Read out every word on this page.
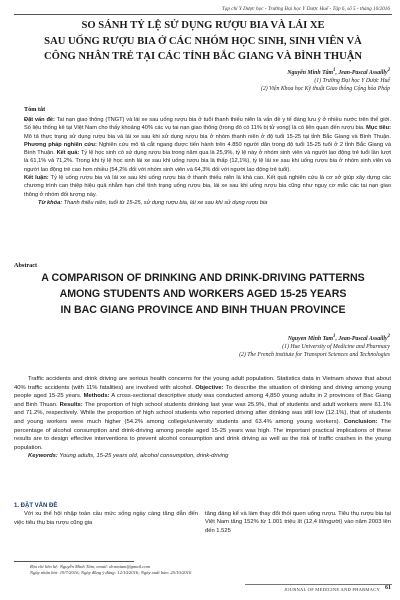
Tạp chí Y Dược học - Trường Đại học Y Dược Huế - Tập 6, số 5 - tháng 10/2016
SO SÁNH TỶ LỆ SỬ DỤNG RƯỢU BIA VÀ LÁI XE
SAU UỐNG RƯỢU BIA Ở CÁC NHÓM HỌC SINH, SINH VIÊN VÀ
CÔNG NHÂN TRẺ TẠI CÁC TỈNH BẮC GIANG VÀ BÌNH THUẬN
Nguyễn Minh Tâm$^1$, Jean-Pascal Assailly$^2$
(1) Trường Đại học Y Dược Huế
(2) Viện Khoa học Kỹ thuật Giao thông Cộng hòa Pháp
Tóm tắt

Đặt vấn đề: Tai nạn giao thông (TNGT) và lái xe sau uống rượu bia ở tuổi thanh thiếu niên là vấn đề y tế đáng lưu ý ở nhiều nước trên thế giới. Số liệu thống kê tại Việt Nam cho thấy khoảng 40% các vụ tai nạn giao thông (trong đó có 11% bị tử vong) là có liên quan đến rượu bia. Mục tiêu: Mô tả thực trạng sử dụng rượu bia và lái xe sau khi sử dụng rượu bia ở nhóm thanh niên ở độ tuổi 15-25 tại tỉnh Bắc Giang và Bình Thuận. Phương pháp nghiên cứu: Nghiên cứu mô tả cắt ngang được tiến hành trên 4.850 người dân trong độ tuổi 15-25 tuổi ở 2 tỉnh Bắc Giang và Bình Thuận. Kết quả: Tỷ lệ học sinh có sử dụng rượu bia trong năm qua là 25,9%, tỷ lệ này ở nhóm sinh viên và người lao động trẻ tuổi lần lượt là 61,1% và 71,2%. Trong khi tỷ lệ học sinh lái xe sau khi uống rượu bia là thấp (12,1%), tỷ lệ lái xe sau khi uống rượu bia ở nhóm sinh viên và người lao động trẻ cao hơn nhiều (54,2% đối với nhóm sinh viên và 64,3% đối với người lao động trẻ tuổi).

Kết luận: Tỷ lệ uống rượu bia và lái xe sau khi uống rượu bia ở thanh thiếu niên là khá cao. Kết quả nghiên cứu là cơ sở giúp xây dựng các chương trình can thiệp hiệu quả nhằm hạn chế tình trạng uống rượu bia, lái xe sau khi uống rượu bia cũng như nguy cơ mắc các tai nạn giao thông ở nhóm đối tượng này.

Từ khóa: Thanh thiếu niên, tuổi từ 15-25, sử dụng rượu bia, lái xe sau khi sử dụng rượu bia

Abstract
A COMPARISON OF DRINKING AND DRINK-DRIVING PATTERNS
AMONG STUDENTS AND WORKERS AGED 15-25 YEARS
IN BAC GIANG PROVINCE AND BINH THUAN PROVINCE
Nguyen Minh Tam$^1$, Jean-Pascal Assailly$^2$
(1) Hue University of Medicine and Pharmacy
(2) The French institute for Transport Sciences and Technologies

Traffic accidents and drink driving are serious health concerns for the young adult population. Statistics data in Vietnam shows that about 40% traffic accidents (with 11% fatalities) are involved with alcohol. Objective: To describe the situation of drinking and driving among young people aged 15-25 years. Methods: A cross-sectional descriptive study was conducted among 4,850 young adults in 2 provinces of Bac Giang and Binh Thuan. Results: The proportion of high school students drinking last year was 25.9%, that of students and adult workers were 61.1% and 71.2%, respectively. While the proportion of high school students who reported driving after drinking was still low (12.1%), that of students and young workers were much higher (54.2% among college/university students and 63.4% among young workers). Conclusion: The percentage of alcohol consumption and drink-driving among people aged 15-25 years was high. The important practical implications of these results are to design effective interventions to prevent alcohol consumption and drink driving as well as the risk of traffic crashes in the young population.

Keywords: Young adults, 15-25 years old, alcohol consumption, drink-driving

1. ĐẶT VẤN ĐỀ
Với xu thế hội nhập toàn cầu mức sống ngày càng tăng dẫn đến việc tiêu thụ bia rượu cũng gia
tăng đáng kể và làm thay đổi thói quen uống rượu. Tiêu thụ rượu bia tại Việt Nam tăng 152% từ 1.001 triệu lít (12,4 lít/người) vào năm 2003 lên đến 1.525
Địa chỉ liên hệ: Nguyễn Minh Tâm, email: dr.nmtam@gmail.com
Ngày nhận bài: 19/7/2016; Ngày đồng ý đăng: 12/10/2016; Ngày xuất bản: 25/10/2016
JOURNAL OF MEDICINE AND PHARMACY 61
